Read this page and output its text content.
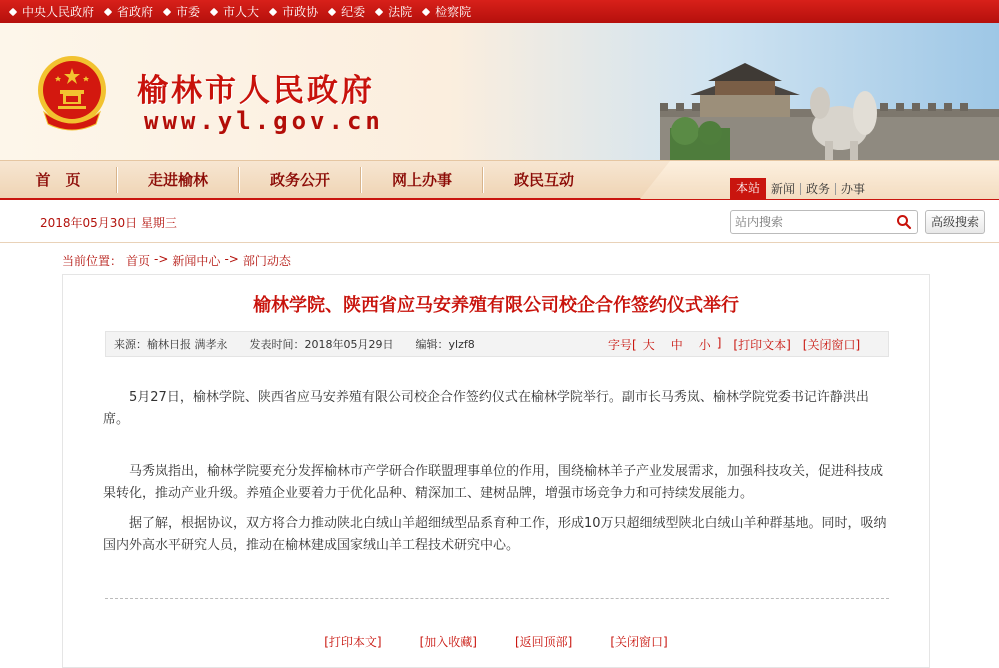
中央人民政府 省政府 市委 市人大 市政协 纪委 法院 检察院
榆林市人民政府
www.yl.gov.cn
首　页	走进榆林	政务公开	网上办事	政民互动	本站 新闻 政务 办事
2018年05月30日 星期三
站内搜索	高级搜索
当前位置： 首页 -> 新闻中心 -> 部门动态
榆林学院、陕西省应马安养殖有限公司校企合作签约仪式举行
来源：榆林日报 满孝永 发表时间：2018年05月29日 编辑：ylzf8	字号[ 大 中 小 ] [打印文本] [关闭窗口]

5月27日，榆林学院、陕西省应马安养殖有限公司校企合作签约仪式在榆林学院举行。副市长马秀岚、榆林学院党委书记许静洪出席。

马秀岚指出，榆林学院要充分发挥榆林市产学研合作联盟理事单位的作用，围绕榆林羊子产业发展需求，加强科技攻关，促进科技成果转化，推动产业升级。养殖企业要着力于优化品种、精深加工、建树品牌，增强市场竞争力和可持续发展能力。

据了解，根据协议，双方将合力推动陕北白绒山羊超细绒型品系育种工作，形成10万只超细绒型陕北白绒山羊种群基地。同时，吸纳国内外高水平研究人员，推动在榆林建成国家绒山羊工程技术研究中心。

[打印本文]	[加入收藏]	[返回顶部]	[关闭窗口]
